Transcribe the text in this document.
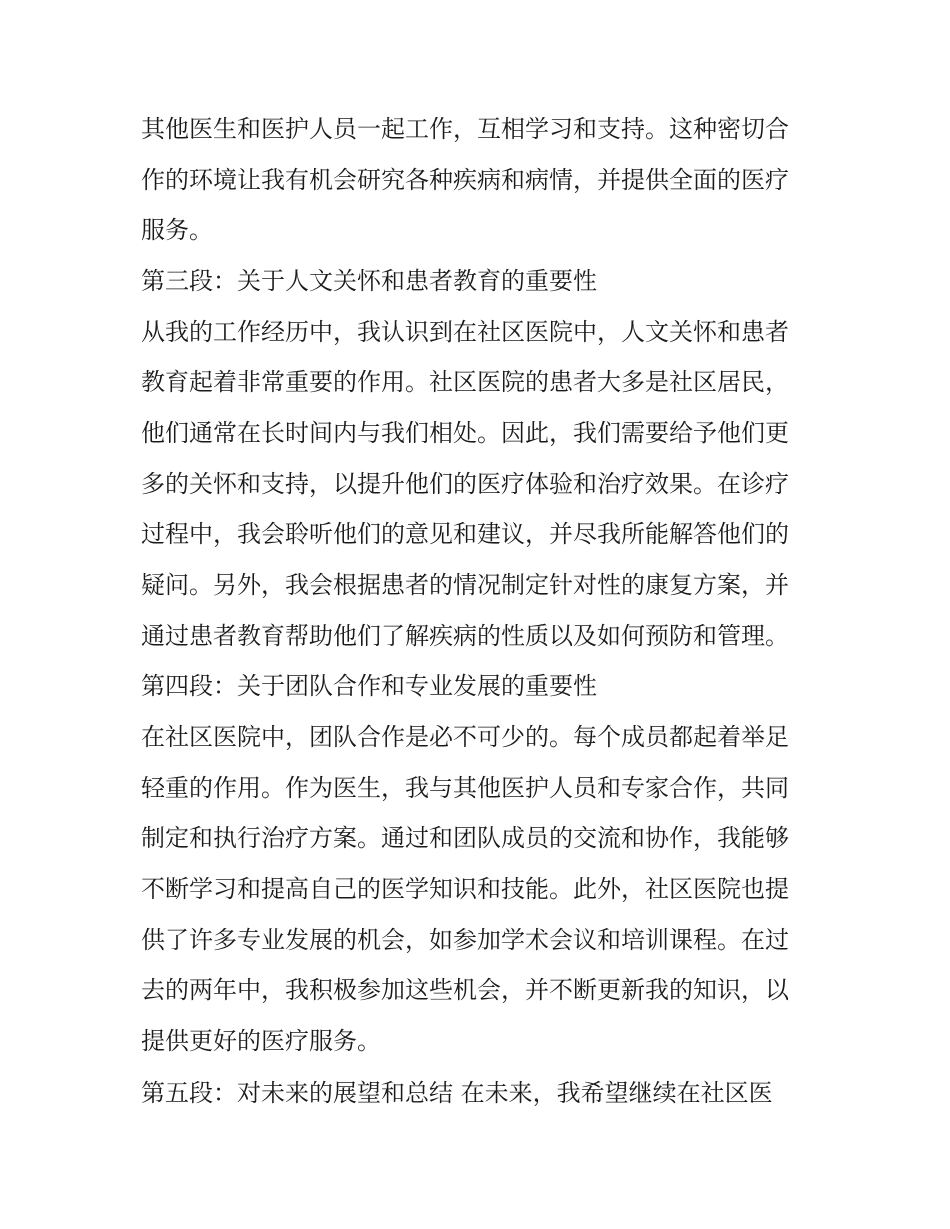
其他医生和医护人员一起工作，互相学习和支持。这种密切合

作的环境让我有机会研究各种疾病和病情，并提供全面的医疗

服务。

第三段：关于人文关怀和患者教育的重要性

从我的工作经历中，我认识到在社区医院中，人文关怀和患者

教育起着非常重要的作用。社区医院的患者大多是社区居民，

他们通常在长时间内与我们相处。因此，我们需要给予他们更

多的关怀和支持，以提升他们的医疗体验和治疗效果。在诊疗

过程中，我会聆听他们的意见和建议，并尽我所能解答他们的

疑问。另外，我会根据患者的情况制定针对性的康复方案，并

通过患者教育帮助他们了解疾病的性质以及如何预防和管理。

第四段：关于团队合作和专业发展的重要性

在社区医院中，团队合作是必不可少的。每个成员都起着举足

轻重的作用。作为医生，我与其他医护人员和专家合作，共同

制定和执行治疗方案。通过和团队成员的交流和协作，我能够

不断学习和提高自己的医学知识和技能。此外，社区医院也提

供了许多专业发展的机会，如参加学术会议和培训课程。在过

去的两年中，我积极参加这些机会，并不断更新我的知识，以

提供更好的医疗服务。

第五段：对未来的展望和总结 在未来，我希望继续在社区医
